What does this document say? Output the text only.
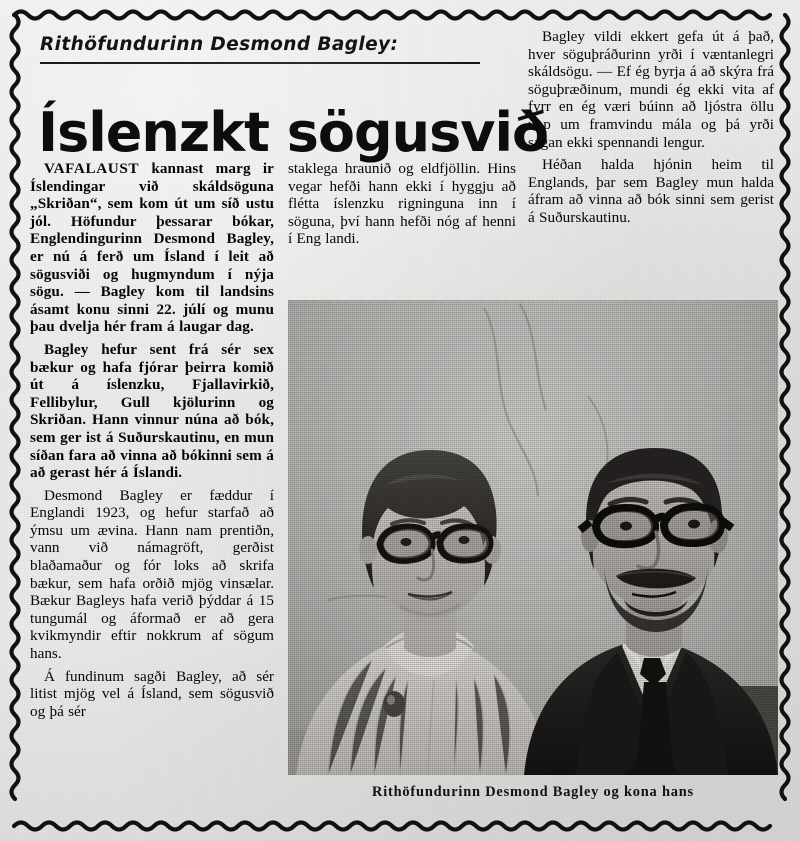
Rithöfundurinn Desmond Bagley:
Íslenzkt sögusvið

Bagley vildi ekkert gefa út á það, hver söguþráðurinn yrði í væntanlegri skáldsögu. — Ef ég byrja á að skýra frá söguþræðinum, mundi ég ekki vita af fyrr en ég væri búinn að ljóstra öllu upp um framvindu mála og þá yrði sagan ekki spennandi lengur.

Héðan halda hjónin heim til Englands, þar sem Bagley mun halda áfram að vinna að bók sinni sem gerist á Suðurskautinu.

VAFALAUST kannast marg ir Íslendingar við skáldsöguna „Skriðan“, sem kom út um síð ustu jól. Höfundur þessarar bókar, Englendingurinn Desmond Bagley, er nú á ferð um Ísland í leit að sögusviði og hugmyndum í nýja sögu. — Bagley kom til landsins ásamt konu sinni 22. júlí og munu þau dvelja hér fram á laugar dag.

Bagley hefur sent frá sér sex bækur og hafa fjórar þeirra komið út á íslenzku, Fjallavirkið, Fellibylur, Gull kjölurinn og Skriðan. Hann vinnur núna að bók, sem ger ist á Suðurskautinu, en mun síðan fara að vinna að bókinni sem á að gerast hér á Íslandi.

Desmond Bagley er fæddur í Englandi 1923, og hefur starfað að ýmsu um ævina. Hann nam prentiðn, vann við námagröft, gerðist blaðamaður og fór loks að skrifa bækur, sem hafa orðið mjög vinsælar. Bækur Bagleys hafa verið þýddar á 15 tungumál og áformað er að gera kvikmyndir eftir nokkrum af sögum hans.

Á fundinum sagði Bagley, að sér litist mjög vel á Ísland, sem sögusvið og þá sér

staklega hraunið og eldfjöllin. Hins vegar hefði hann ekki í hyggju að flétta íslenzku rigninguna inn í söguna, því hann hefði nóg af henni í Eng landi.

Rithöfundurinn Desmond Bagley og kona hans
